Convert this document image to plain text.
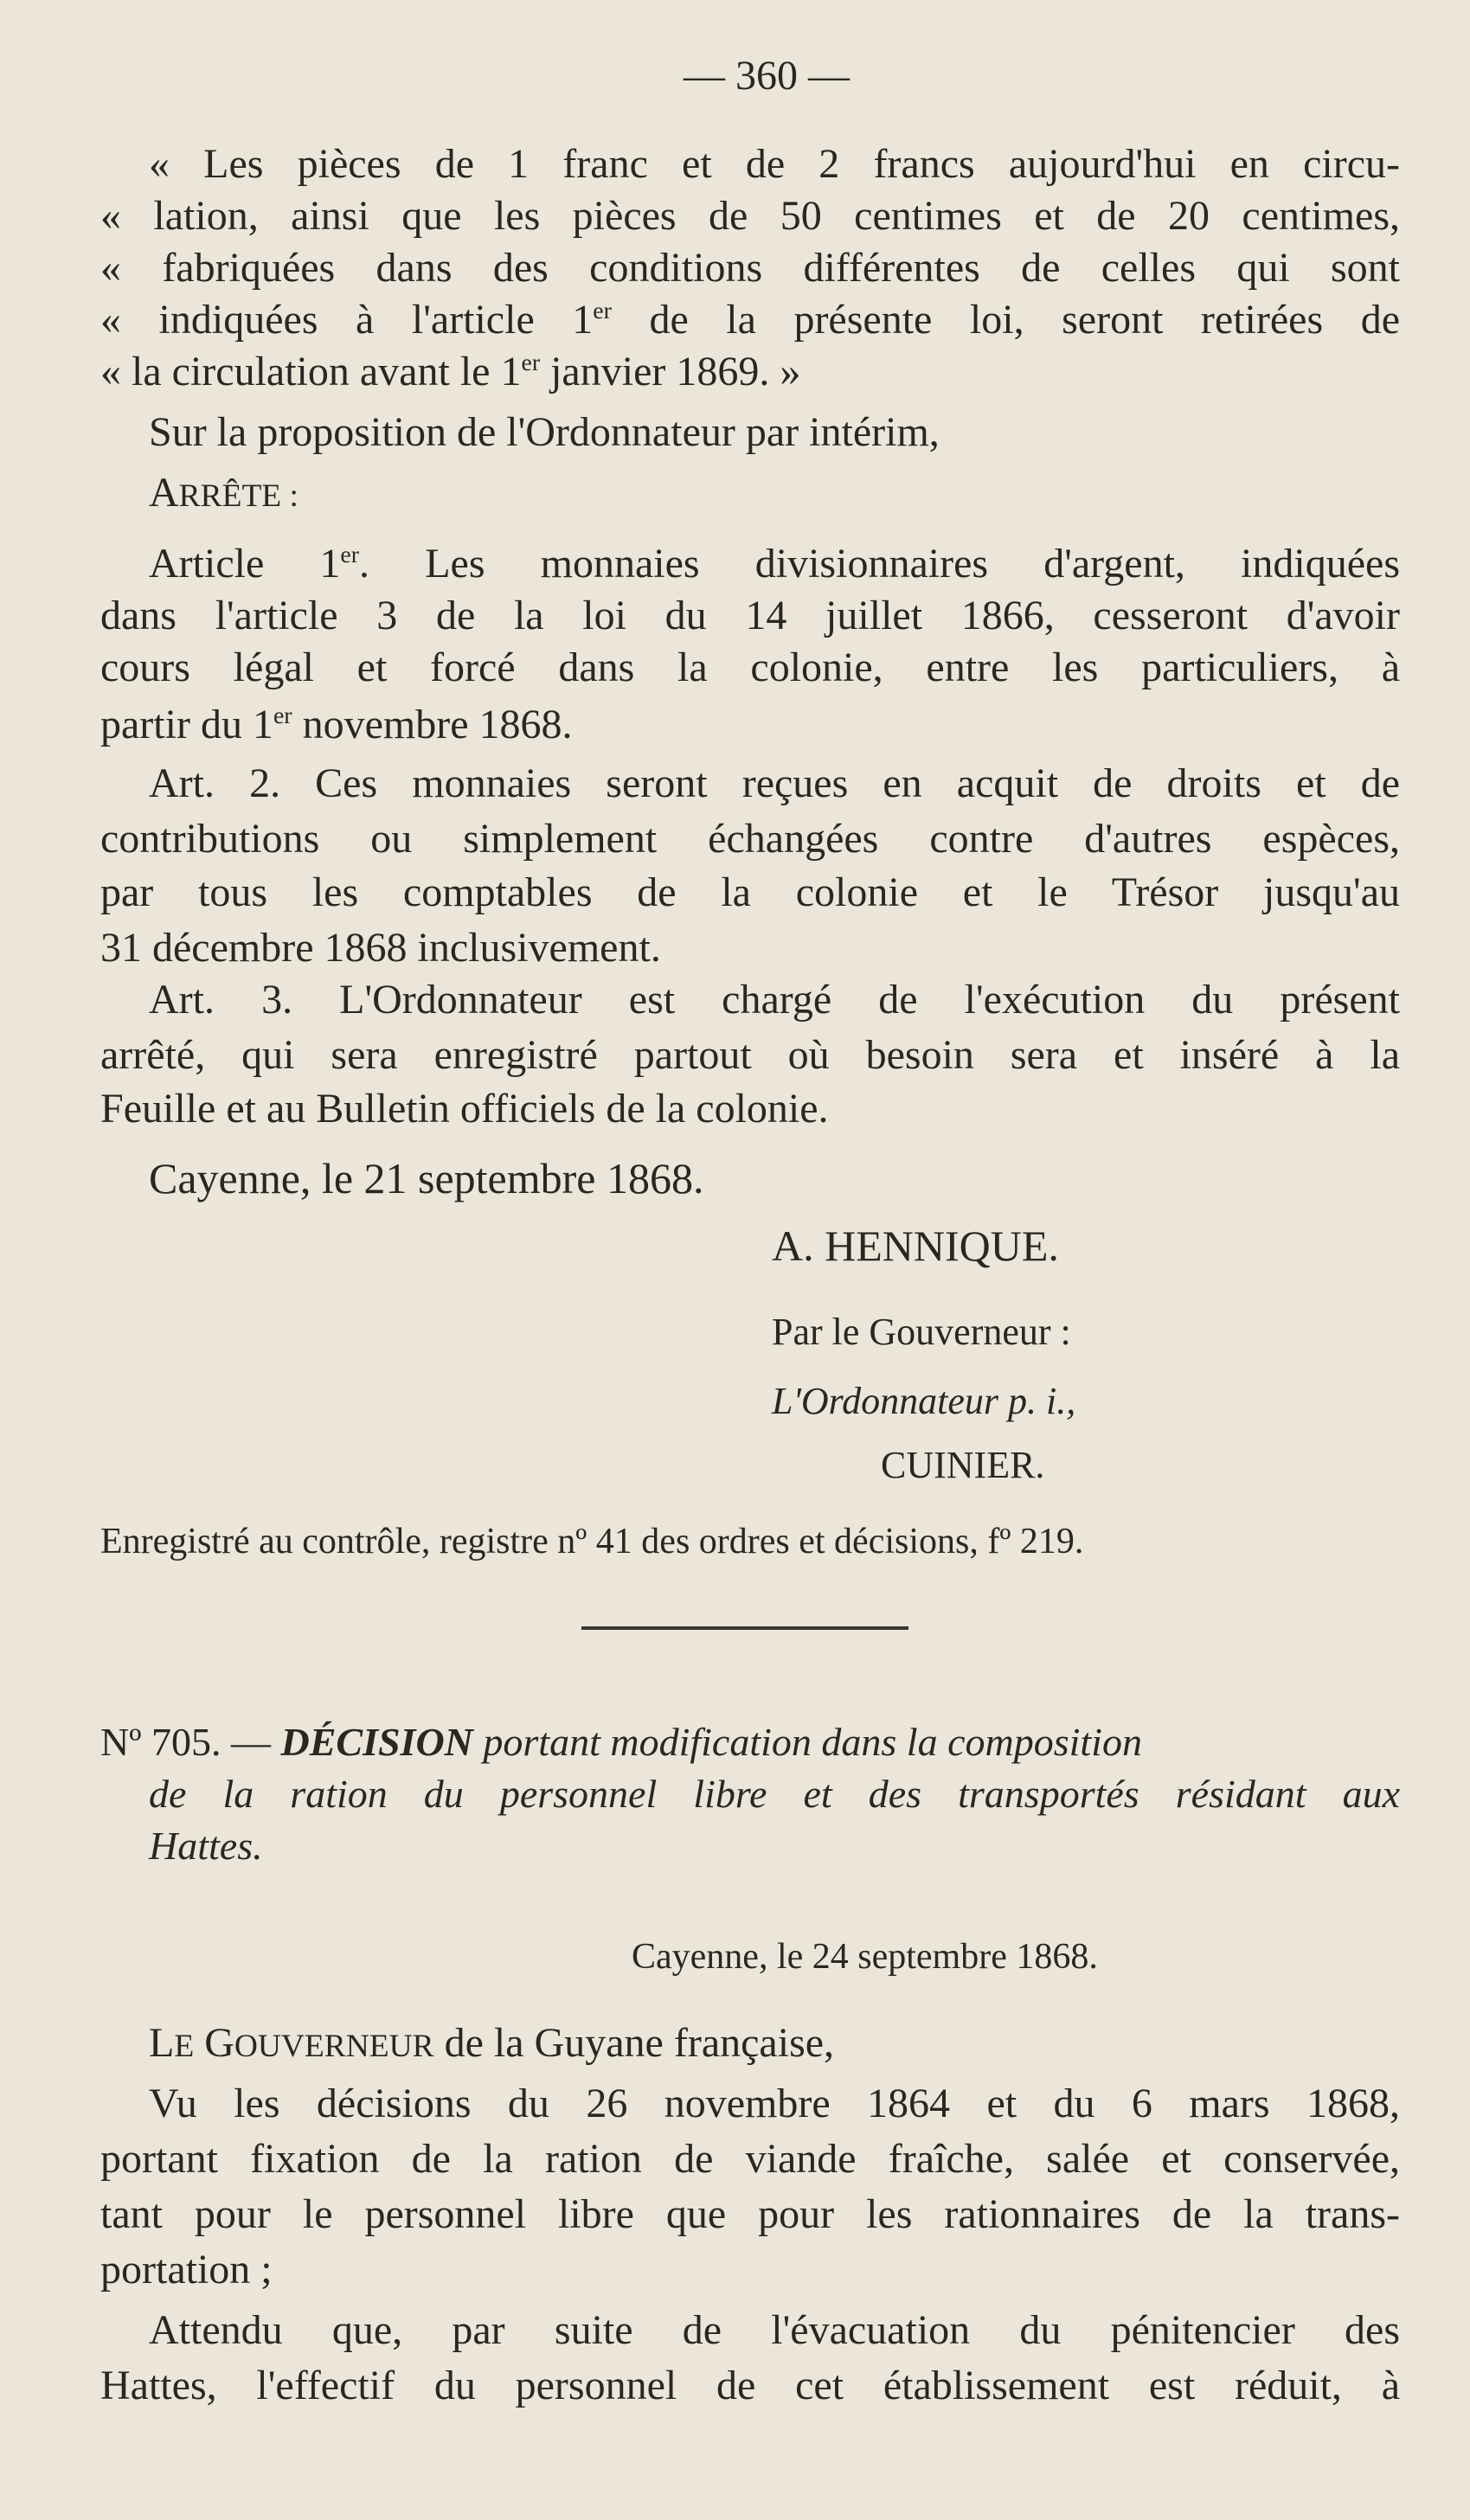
— 360 —

« Les pièces de 1 franc et de 2 francs aujourd'hui en circu-

« lation, ainsi que les pièces de 50 centimes et de 20 centimes,

« fabriquées dans des conditions différentes de celles qui sont

« indiquées à l'article 1er de la présente loi, seront retirées de

« la circulation avant le 1er janvier 1869. »

Sur la proposition de l'Ordonnateur par intérim,

ARRÊTE :

Article 1er. Les monnaies divisionnaires d'argent, indiquées

dans l'article 3 de la loi du 14 juillet 1866, cesseront d'avoir

cours légal et forcé dans la colonie, entre les particuliers, à

partir du 1er novembre 1868.

Art. 2. Ces monnaies seront reçues en acquit de droits et de

contributions ou simplement échangées contre d'autres espèces,

par tous les comptables de la colonie et le Trésor jusqu'au

31 décembre 1868 inclusivement.

Art. 3. L'Ordonnateur est chargé de l'exécution du présent

arrêté, qui sera enregistré partout où besoin sera et inséré à la

Feuille et au Bulletin officiels de la colonie.

Cayenne, le 21 septembre 1868.

A. HENNIQUE.

Par le Gouverneur :

L'Ordonnateur p. i.,

CUINIER.

Enregistré au contrôle, registre nº 41 des ordres et décisions, fº 219.

Nº 705. — DÉCISION portant modification dans la composition

de la ration du personnel libre et des transportés résidant aux

Hattes.

Cayenne, le 24 septembre 1868.

LE GOUVERNEUR de la Guyane française,

Vu les décisions du 26 novembre 1864 et du 6 mars 1868,

portant fixation de la ration de viande fraîche, salée et conservée,

tant pour le personnel libre que pour les rationnaires de la trans-

portation ;

Attendu que, par suite de l'évacuation du pénitencier des

Hattes, l'effectif du personnel de cet établissement est réduit, à
